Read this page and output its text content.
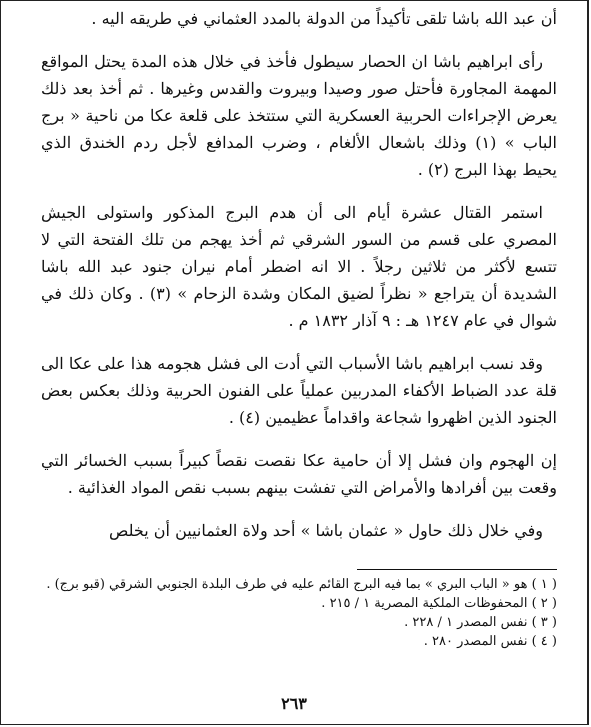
أن عبد الله باشا تلقى تأكيداً من الدولة بالمدد العثماني في طريقه اليه .

رأى ابراهيم باشا ان الحصار سيطول فأخذ في خلال هذه المدة يحتل المواقع المهمة المجاورة فأحتل صور وصيدا وبيروت والقدس وغيرها . ثم أخذ بعد ذلك يعرض الإجراءات الحربية العسكرية التي ستتخذ على قلعة عكا من ناحية « برج الباب » (١) وذلك باشعال الألغام ، وضرب المدافع لأجل ردم الخندق الذي يحيط بهذا البرج (٢) .

استمر القتال عشرة أيام الى أن هدم البرج المذكور واستولى الجيش المصري على قسم من السور الشرقي ثم أخذ يهجم من تلك الفتحة التي لا تتسع لأكثر من ثلاثين رجلاً . الا انه اضطر أمام نيران جنود عبد الله باشا الشديدة أن يتراجع « نظراً لضيق المكان وشدة الزحام » (٣) . وكان ذلك في شوال في عام ١٢٤٧ هـ : ٩ آذار ١٨٣٢ م .

وقد نسب ابراهيم باشا الأسباب التي أدت الى فشل هجومه هذا على عكا الى قلة عدد الضباط الأكفاء المدربين عملياً على الفنون الحربية وذلك بعكس بعض الجنود الذين اظهروا شجاعة واقداماً عظيمين (٤) .

إن الهجوم وان فشل إلا أن حامية عكا نقصت نقصاً كبيراً بسبب الخسائر التي وقعت بين أفرادها والأمراض التي تفشت بينهم بسبب نقص المواد الغذائية .

وفي خلال ذلك حاول « عثمان باشا » أحد ولاة العثمانيين أن يخلص

( ١ ) هو « الباب البري » بما فيه البرج القائم عليه في طرف البلدة الجنوبي الشرقي (قبو برج) .

( ٢ ) المحفوظات الملكية المصرية ١ / ٢١٥ .

( ٣ ) نفس المصدر ١ / ٢٢٨ .

( ٤ ) نفس المصدر ٢٨٠ .

٢٦٣
